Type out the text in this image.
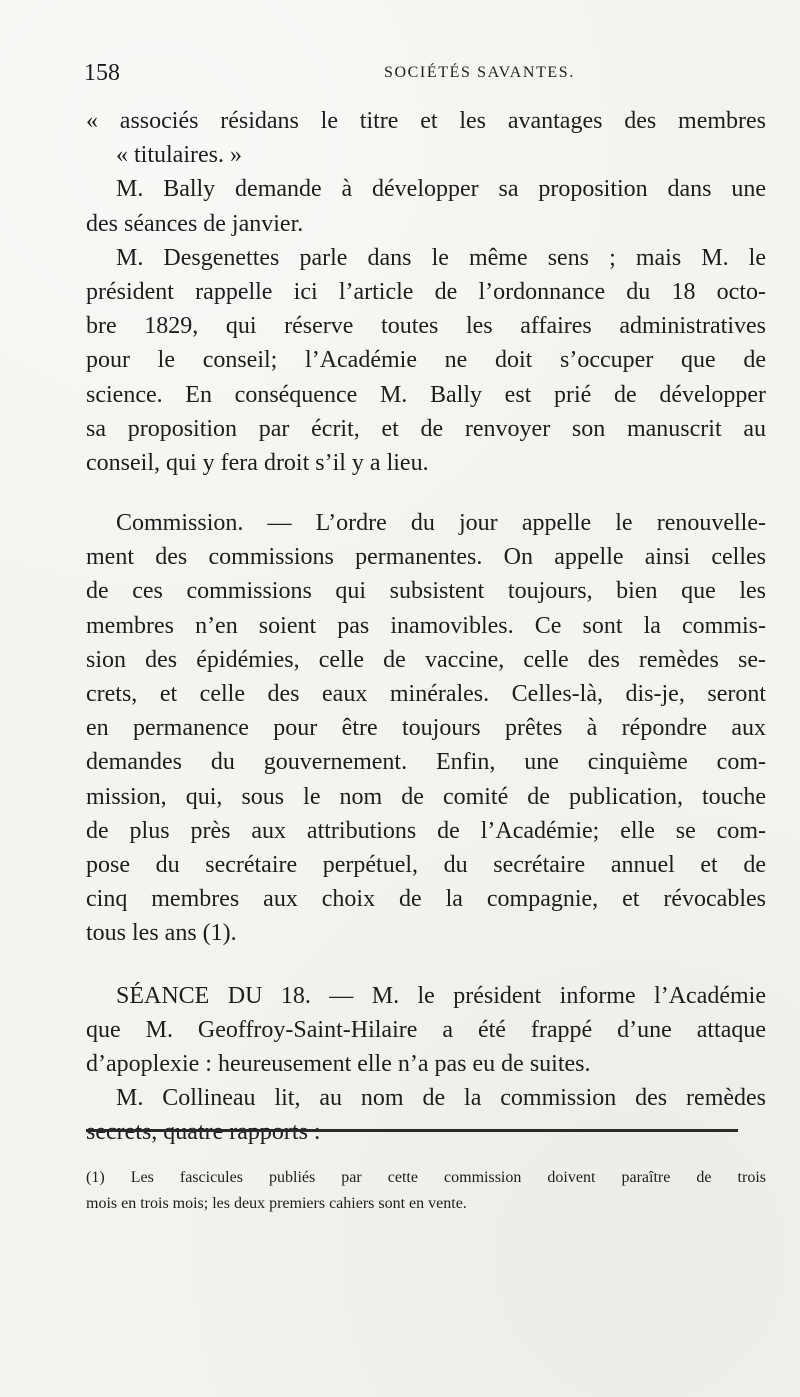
158	SOCIÉTÉS SAVANTES.
« associés résidans le titre et les avantages des membres
« titulaires. »
M. Bally demande à développer sa proposition dans une
des séances de janvier.
M. Desgenettes parle dans le même sens ; mais M. le
président rappelle ici l’article de l’ordonnance du 18 octo-
bre 1829, qui réserve toutes les affaires administratives
pour le conseil; l’Académie ne doit s’occuper que de
science. En conséquence M. Bally est prié de développer
sa proposition par écrit, et de renvoyer son manuscrit au
conseil, qui y fera droit s’il y a lieu.
Commission. — L’ordre du jour appelle le renouvelle-
ment des commissions permanentes. On appelle ainsi celles
de ces commissions qui subsistent toujours, bien que les
membres n’en soient pas inamovibles. Ce sont la commis-
sion des épidémies, celle de vaccine, celle des remèdes se-
crets, et celle des eaux minérales. Celles-là, dis-je, seront
en permanence pour être toujours prêtes à répondre aux
demandes du gouvernement. Enfin, une cinquième com-
mission, qui, sous le nom de comité de publication, touche
de plus près aux attributions de l’Académie; elle se com-
pose du secrétaire perpétuel, du secrétaire annuel et de
cinq membres aux choix de la compagnie, et révocables
tous les ans (1).
SÉANCE DU 18. — M. le président informe l’Académie
que M. Geoffroy-Saint-Hilaire a été frappé d’une attaque
d’apoplexie : heureusement elle n’a pas eu de suites.
M. Collineau lit, au nom de la commission des remèdes
secrets, quatre rapports :
(1) Les fascicules publiés par cette commission doivent paraître de trois
mois en trois mois; les deux premiers cahiers sont en vente.
